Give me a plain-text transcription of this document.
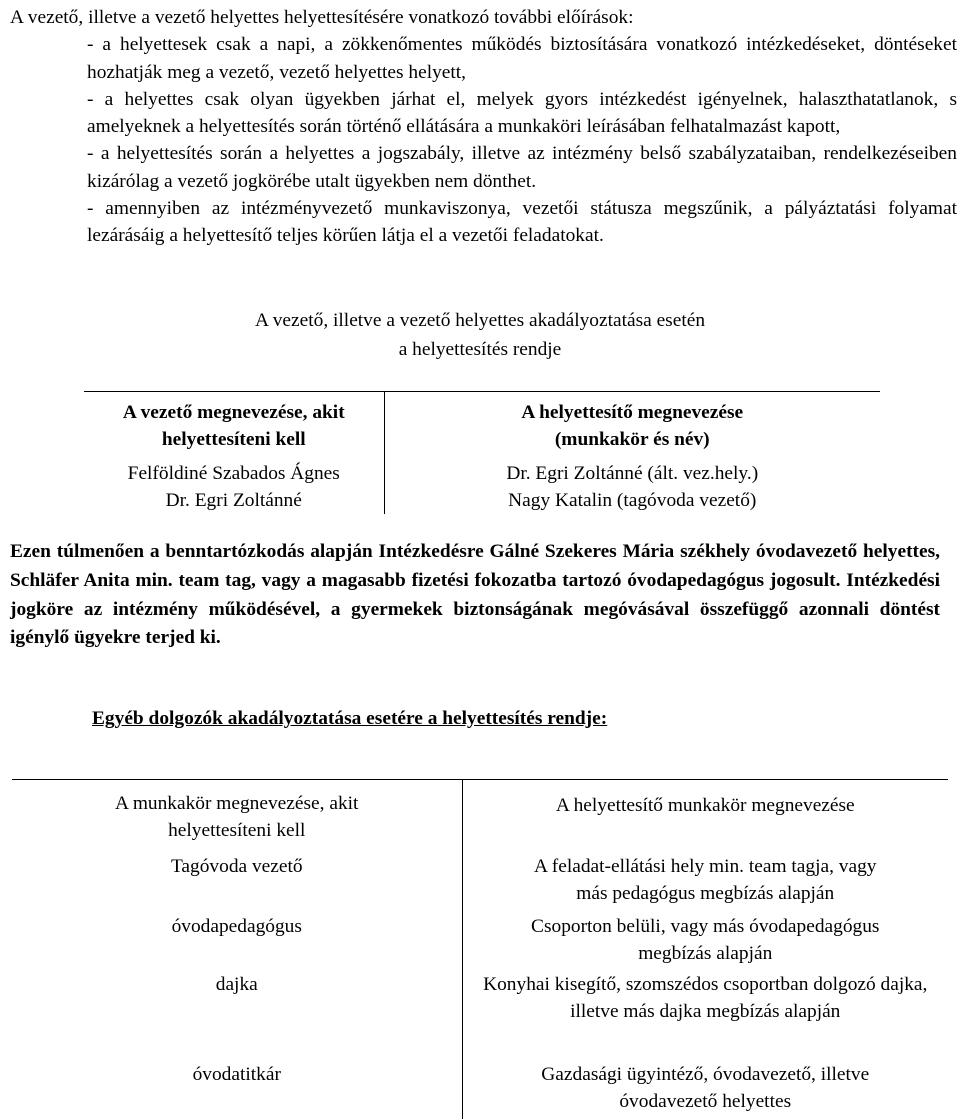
A vezető, illetve a vezető helyettes helyettesítésére vonatkozó további előírások:
- a helyettesek csak a napi, a zökkenőmentes működés biztosítására vonatkozó intézkedéseket, döntéseket hozhatják meg a vezető, vezető helyettes helyett,
- a helyettes csak olyan ügyekben járhat el, melyek gyors intézkedést igényelnek, halaszthatatlanok, s amelyeknek a helyettesítés során történő ellátására a munkaköri leírásában felhatalmazást kapott,
- a helyettesítés során a helyettes a jogszabály, illetve az intézmény belső szabályzataiban, rendelkezéseiben kizárólag a vezető jogkörébe utalt ügyekben nem dönthet.
- amennyiben az intézményvezető munkaviszonya, vezetői státusza megszűnik, a pályáztatási folyamat lezárásáig a helyettesítő teljes körűen látja el a vezetői feladatokat.
A vezető, illetve a vezető helyettes akadályoztatása esetén
a helyettesítés rendje
A vezető megnevezése, akit helyettesíteni kell	A helyettesítő megnevezése (munkakör és név)
Felföldiné Szabados Ágnes	Dr. Egri Zoltánné (ált. vez.hely.)
Dr. Egri Zoltánné	Nagy Katalin (tagóvoda vezető)
Ezen túlmenően a benntartózkodás alapján Intézkedésre Gálné Szekeres Mária székhely óvodavezető helyettes, Schläfer Anita min. team tag, vagy a magasabb fizetési fokozatba tartozó óvodapedagógus jogosult. Intézkedési jogköre az intézmény működésével, a gyermekek biztonságának megóvásával összefüggő azonnali döntést igénylő ügyekre terjed ki.
Egyéb dolgozók akadályoztatása esetére a helyettesítés rendje:
A munkakör megnevezése, akit helyettesíteni kell	A helyettesítő munkakör megnevezése
Tagóvoda vezető	A feladat-ellátási hely min. team tagja, vagy más pedagógus megbízás alapján
óvodapedagógus	Csoporton belüli, vagy más óvodapedagógus megbízás alapján
dajka	Konyhai kisegítő, szomszédos csoportban dolgozó dajka, illetve más dajka megbízás alapján
óvodatitkár	Gazdasági ügyintéző, óvodavezető, illetve óvodavezető helyettes
